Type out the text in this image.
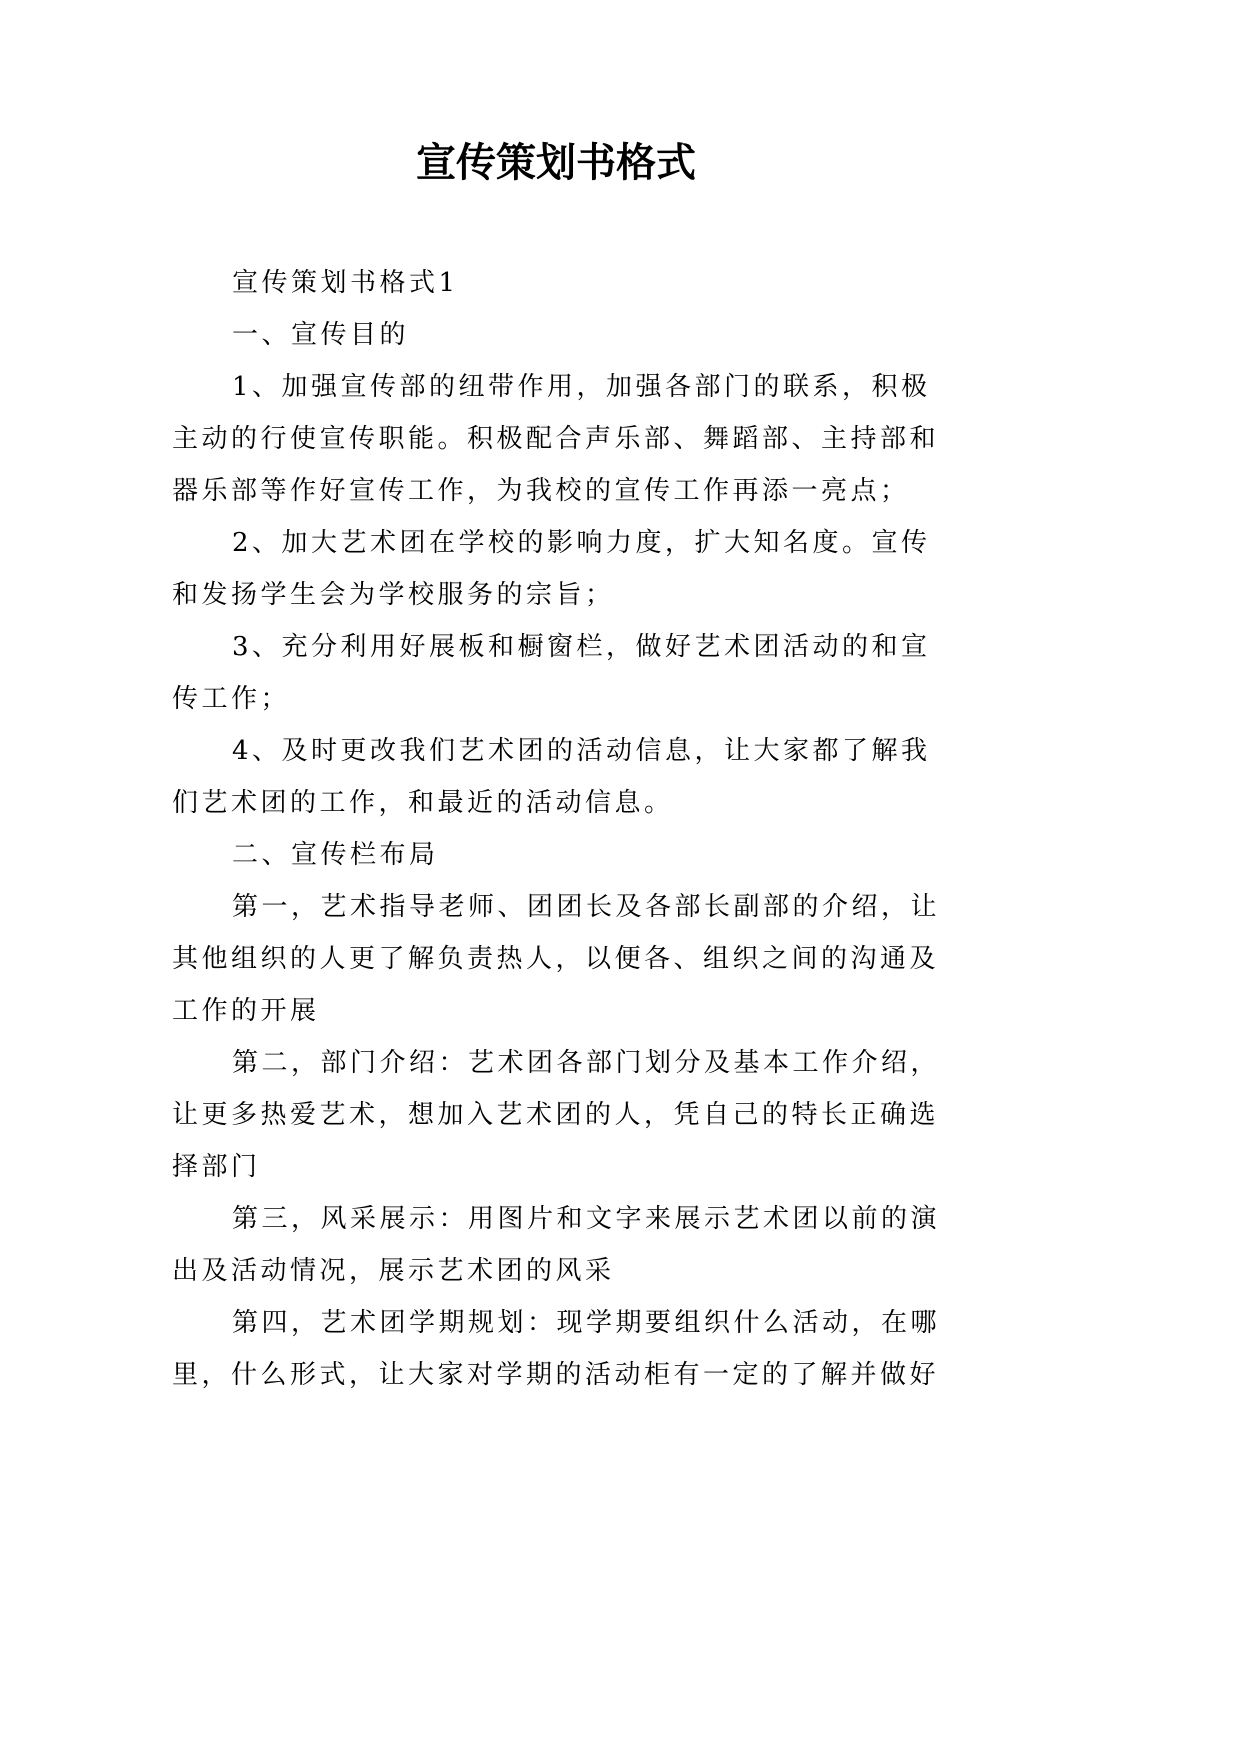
宣传策划书格式
宣传策划书格式1
一、宣传目的
1、加强宣传部的纽带作用，加强各部门的联系，积极
主动的行使宣传职能。积极配合声乐部、舞蹈部、主持部和
器乐部等作好宣传工作，为我校的宣传工作再添一亮点；
2、加大艺术团在学校的影响力度，扩大知名度。宣传
和发扬学生会为学校服务的宗旨；
3、充分利用好展板和橱窗栏，做好艺术团活动的和宣
传工作；
4、及时更改我们艺术团的活动信息，让大家都了解我
们艺术团的工作，和最近的活动信息。
二、宣传栏布局
第一，艺术指导老师、团团长及各部长副部的介绍，让
其他组织的人更了解负责热人，以便各、组织之间的沟通及
工作的开展
第二，部门介绍：艺术团各部门划分及基本工作介绍，
让更多热爱艺术，想加入艺术团的人，凭自己的特长正确选
择部门
第三，风采展示：用图片和文字来展示艺术团以前的演
出及活动情况，展示艺术团的风采
第四，艺术团学期规划：现学期要组织什么活动，在哪
里，什么形式，让大家对学期的活动柜有一定的了解并做好
